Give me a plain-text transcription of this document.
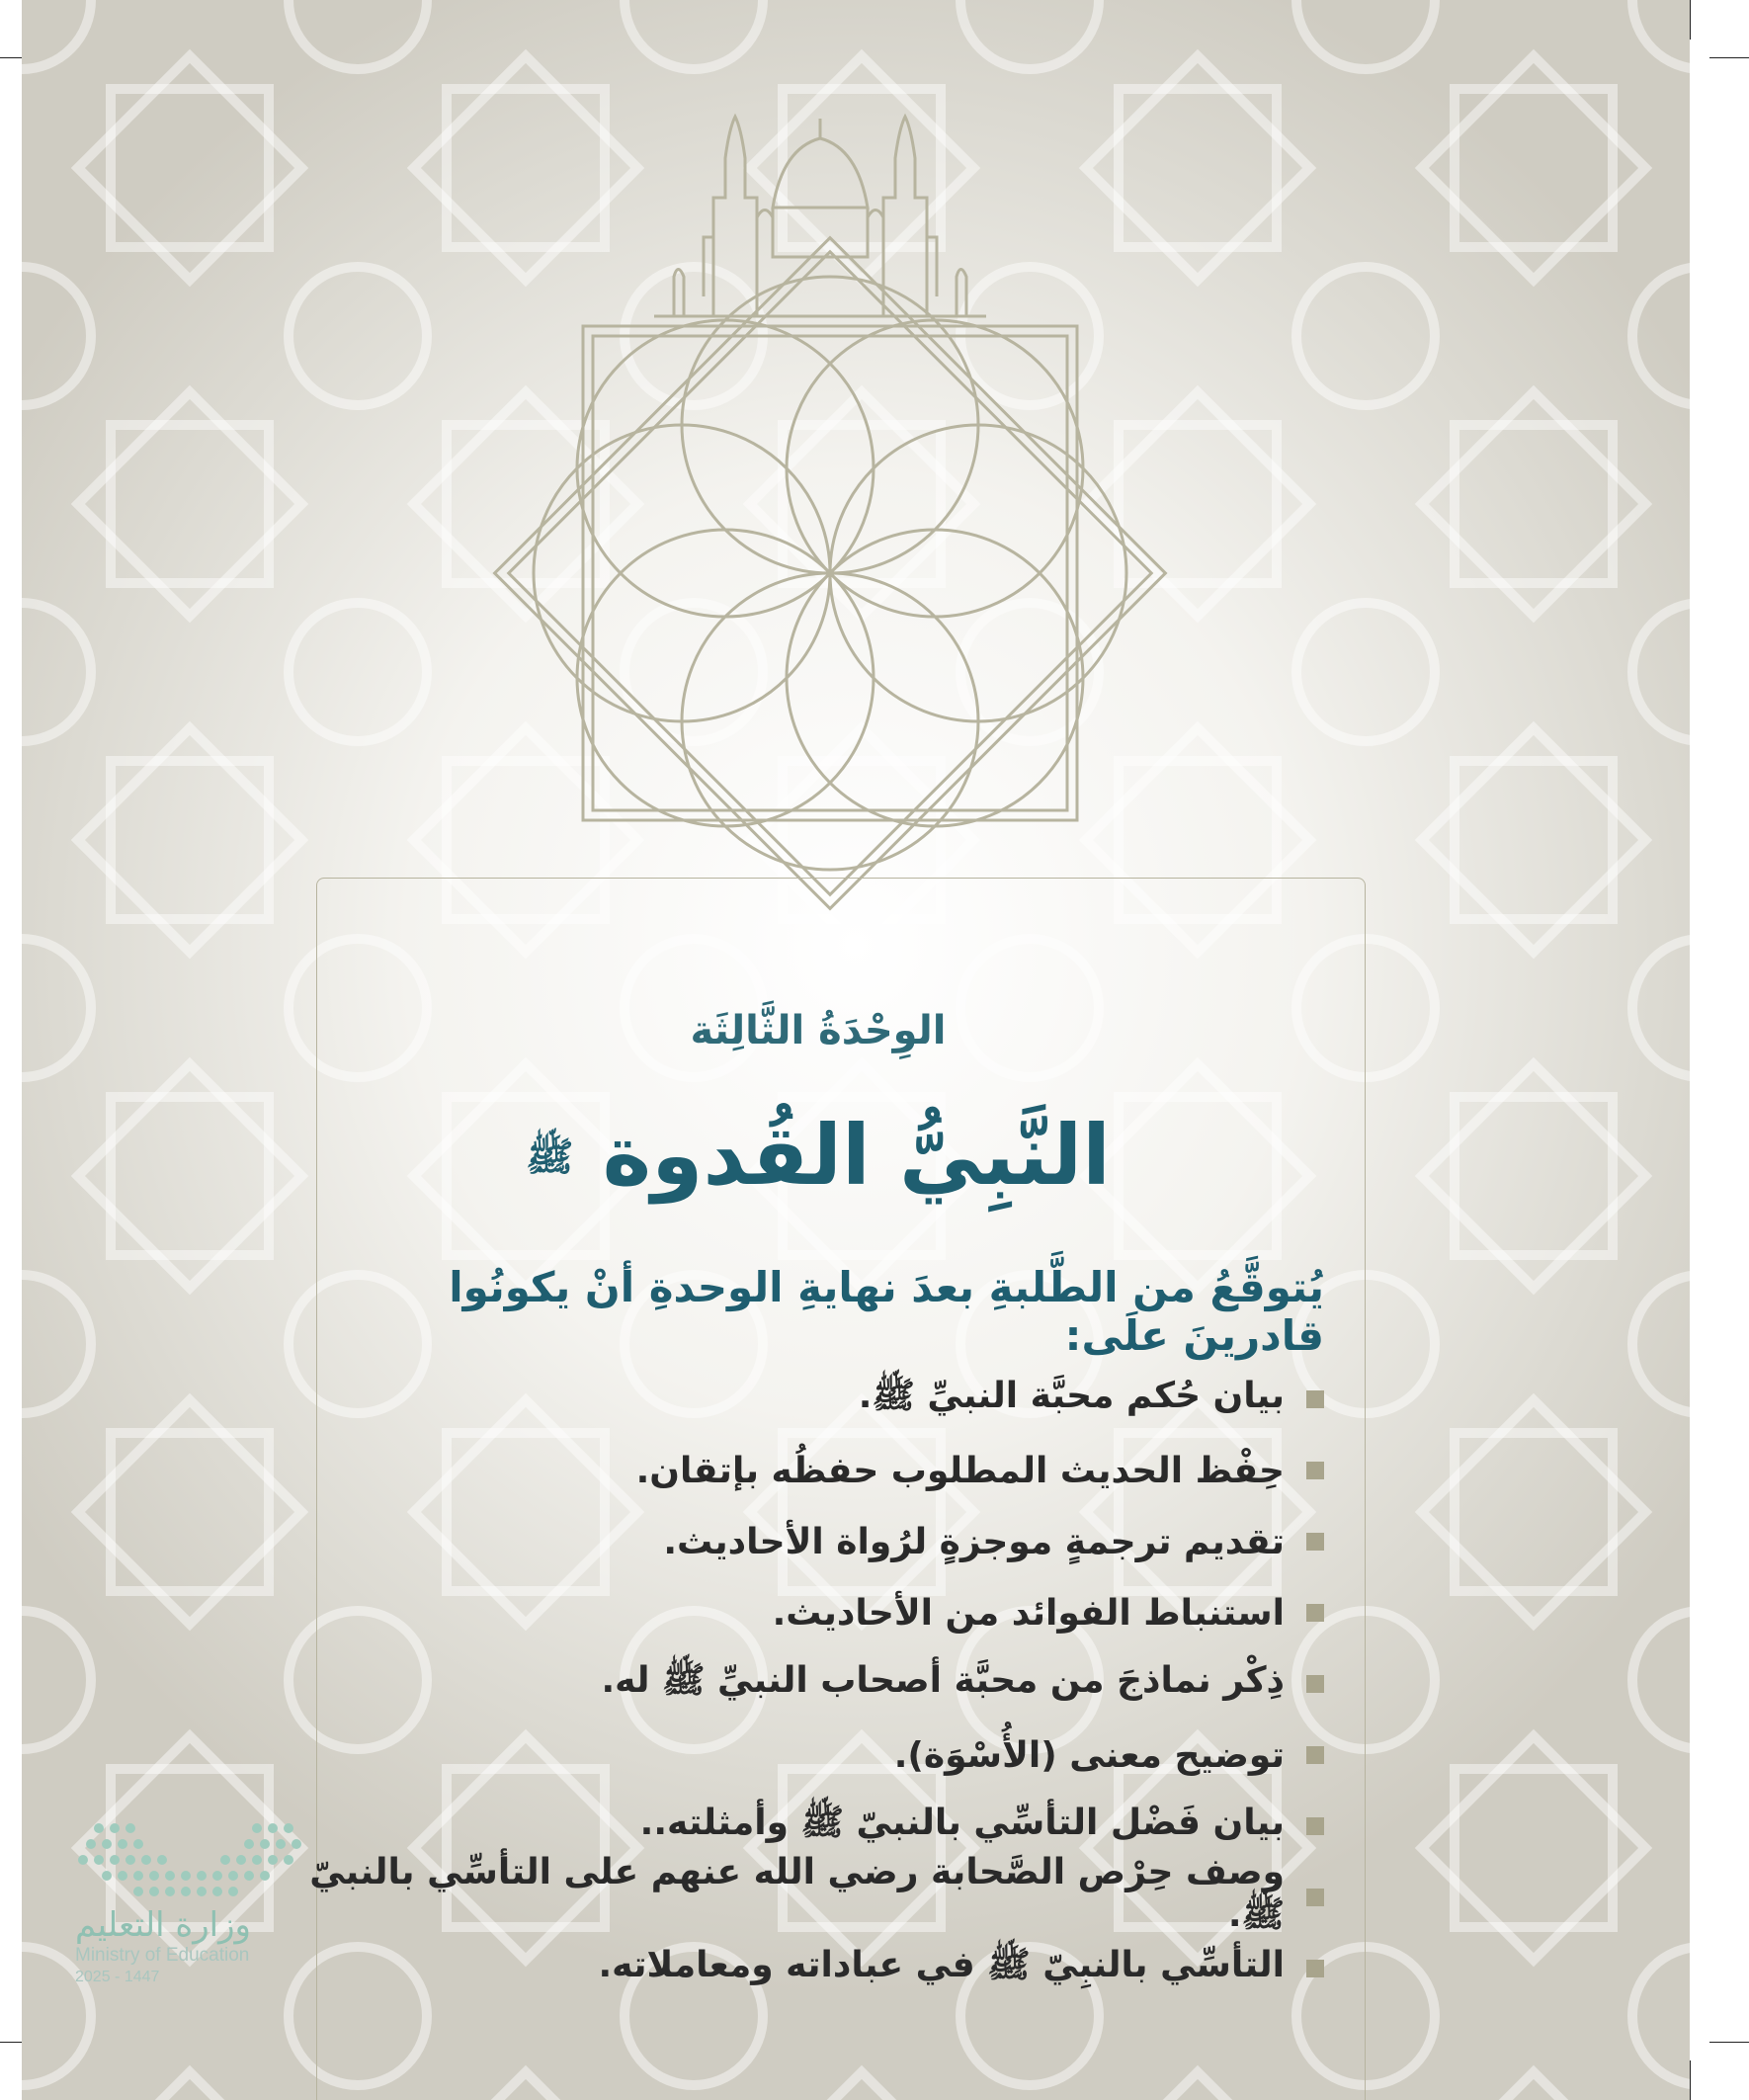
الوِحْدَةُ الثَّالِثَة
النَّبِيُّ القُدوة ﷺ
يُتوقَّعُ من الطَّلبةِ بعدَ نهايةِ الوحدةِ أنْ يكونُوا قادرينَ علَى:
بيان حُكم محبَّة النبيِّ ﷺ.
حِفْظ الحديث المطلوب حفظُه بإتقان.
تقديم ترجمةٍ موجزةٍ لرُواة الأحاديث.
استنباط الفوائد من الأحاديث.
ذِكْر نماذجَ من محبَّة أصحاب النبيِّ ﷺ له.
توضيح معنى (الأُسْوَة).
بيان فَضْل التأسِّي بالنبيّ ﷺ وأمثلته..
وصف حِرْص الصَّحابة رضي الله عنهم على التأسِّي بالنبيّ ﷺ.
التأسِّي بالنبِيّ ﷺ في عباداته ومعاملاته.
وزارة التعليم
Ministry of Education
2025 - 1447
